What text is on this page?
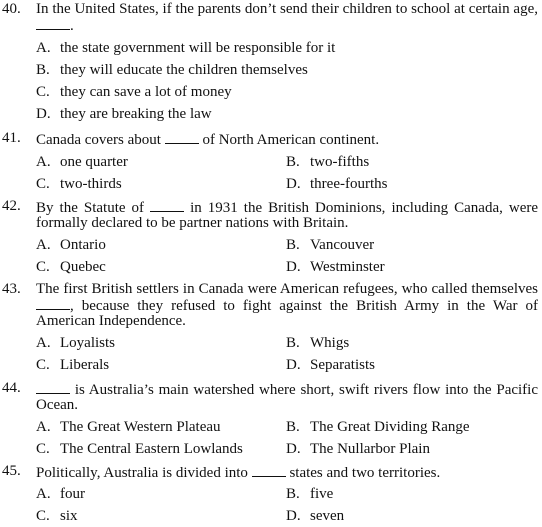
40. In the United States, if the parents don’t send their children to school at certain age, .
A. the state government will be responsible for it
B. they will educate the children themselves
C. they can save a lot of money
D. they are breaking the law
41. Canada covers about	of North American continent.
A. one quarter	B. two-fifths
C. two-thirds	D. three-fourths
42. By the Statute of	in 1931 the British Dominions, including Canada, were formally declared to be partner nations with Britain.
A. Ontario	B. Vancouver
C. Quebec	D. Westminster
43. The first British settlers in Canada were American refugees, who called themselves , because they refused to fight against the British Army in the War of American Independence.
A. Loyalists	B. Whigs
C. Liberals	D. Separatists
44.	is Australia’s main watershed where short, swift rivers flow into the Pacific Ocean.
A. The Great Western Plateau	B. The Great Dividing Range
C. The Central Eastern Lowlands	D. The Nullarbor Plain
45. Politically, Australia is divided into	states and two territories.
A. four	B. five
C. six	D. seven
